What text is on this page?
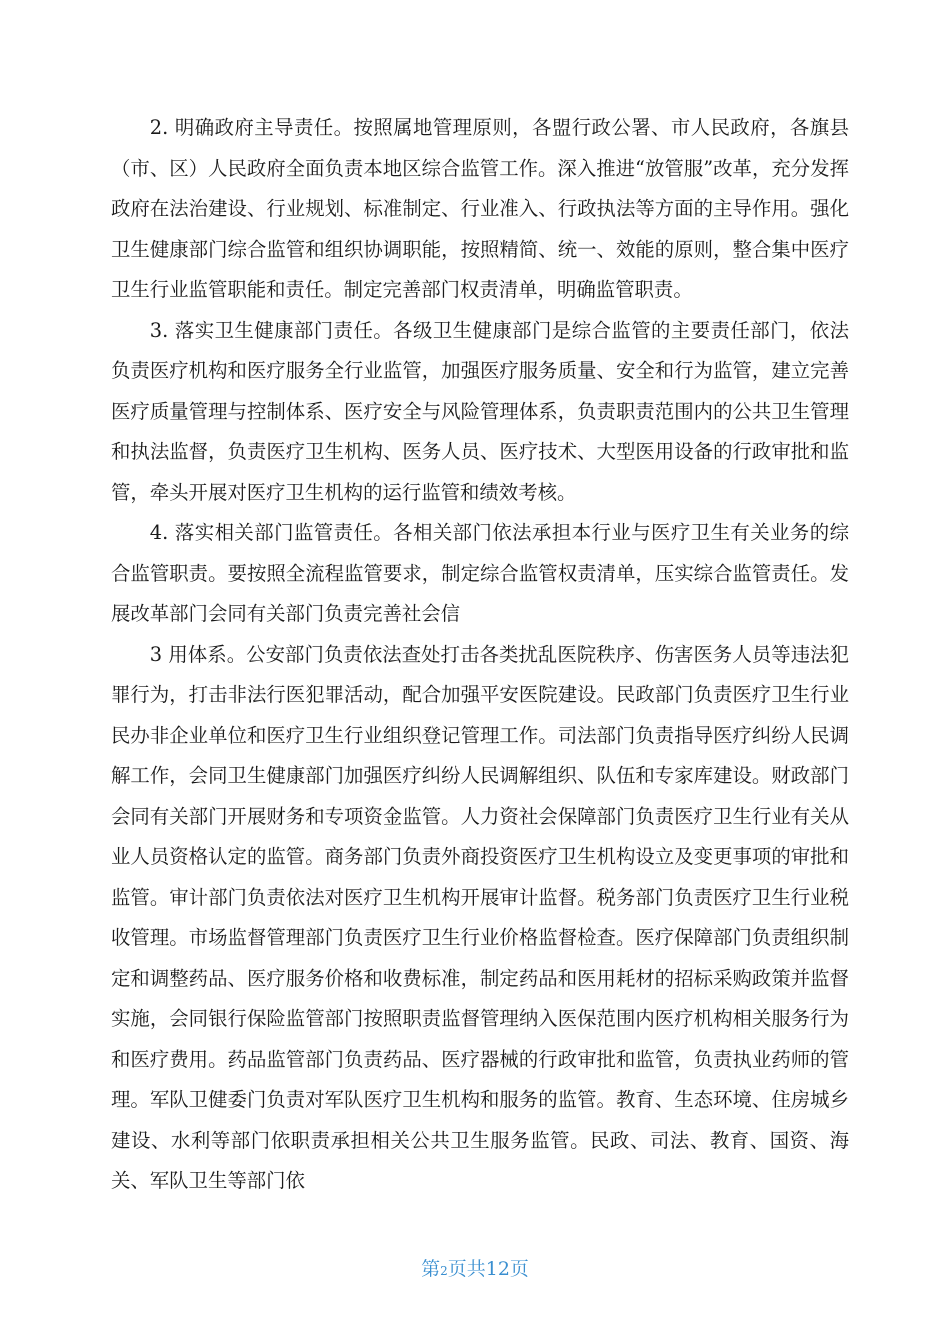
2. 明确政府主导责任。按照属地管理原则，各盟行政公署、市人民政府，各旗县（市、区）人民政府全面负责本地区综合监管工作。深入推进“放管服”改革，充分发挥政府在法治建设、行业规划、标准制定、行业准入、行政执法等方面的主导作用。强化卫生健康部门综合监管和组织协调职能，按照精简、统一、效能的原则，整合集中医疗卫生行业监管职能和责任。制定完善部门权责清单，明确监管职责。

3. 落实卫生健康部门责任。各级卫生健康部门是综合监管的主要责任部门，依法负责医疗机构和医疗服务全行业监管，加强医疗服务质量、安全和行为监管，建立完善医疗质量管理与控制体系、医疗安全与风险管理体系，负责职责范围内的公共卫生管理和执法监督，负责医疗卫生机构、医务人员、医疗技术、大型医用设备的行政审批和监管，牵头开展对医疗卫生机构的运行监管和绩效考核。

4. 落实相关部门监管责任。各相关部门依法承担本行业与医疗卫生有关业务的综合监管职责。要按照全流程监管要求，制定综合监管权责清单，压实综合监管责任。发展改革部门会同有关部门负责完善社会信

3 用体系。公安部门负责依法查处打击各类扰乱医院秩序、伤害医务人员等违法犯罪行为，打击非法行医犯罪活动，配合加强平安医院建设。民政部门负责医疗卫生行业民办非企业单位和医疗卫生行业组织登记管理工作。司法部门负责指导医疗纠纷人民调解工作，会同卫生健康部门加强医疗纠纷人民调解组织、队伍和专家库建设。财政部门会同有关部门开展财务和专项资金监管。人力资社会保障部门负责医疗卫生行业有关从业人员资格认定的监管。商务部门负责外商投资医疗卫生机构设立及变更事项的审批和监管。审计部门负责依法对医疗卫生机构开展审计监督。税务部门负责医疗卫生行业税收管理。市场监督管理部门负责医疗卫生行业价格监督检查。医疗保障部门负责组织制定和调整药品、医疗服务价格和收费标准，制定药品和医用耗材的招标采购政策并监督实施，会同银行保险监管部门按照职责监督管理纳入医保范围内医疗机构相关服务行为和医疗费用。药品监管部门负责药品、医疗器械的行政审批和监管，负责执业药师的管理。军队卫健委门负责对军队医疗卫生机构和服务的监管。教育、生态环境、住房城乡建设、水利等部门依职责承担相关公共卫生服务监管。民政、司法、教育、国资、海关、军队卫生等部门依

第2页共12页
